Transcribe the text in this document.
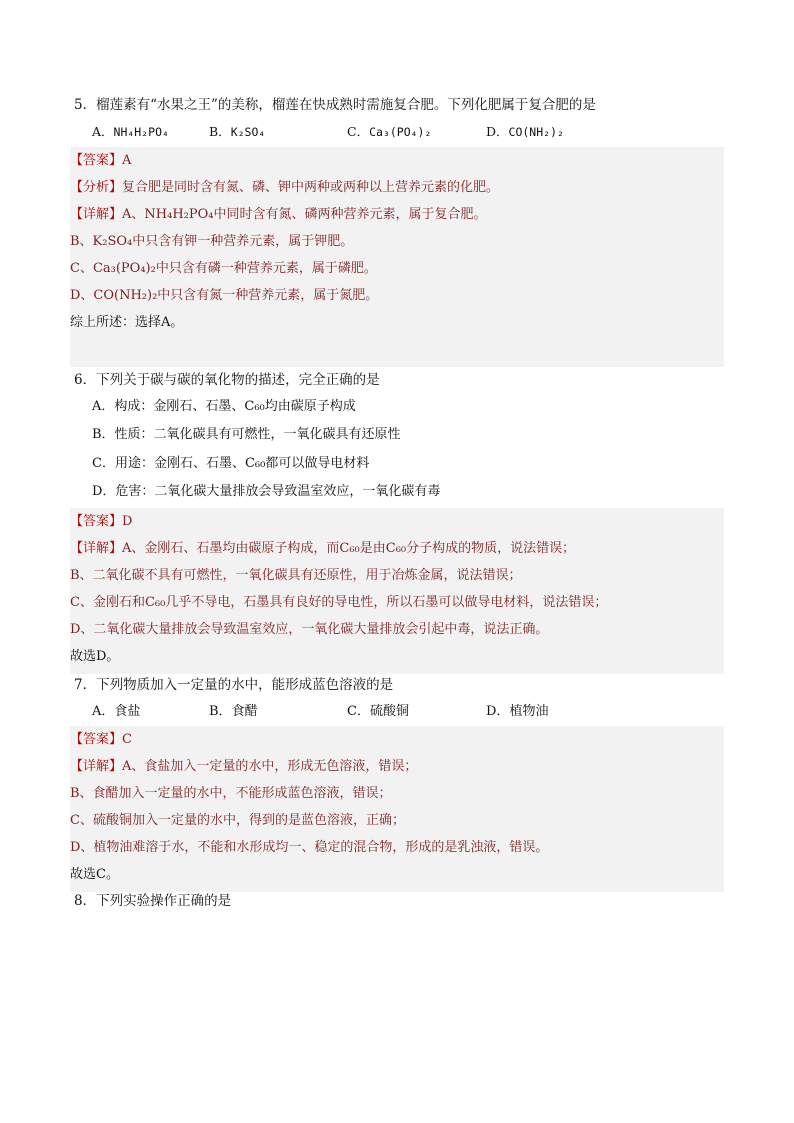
5．榴莲素有“水果之王”的美称，榴莲在快成熟时需施复合肥。下列化肥属于复合肥的是
A．NH₄H₂PO₄	B．K₂SO₄	C．Ca₃(PO₄)₂	D．CO(NH₂)₂
【答案】A
【分析】复合肥是同时含有氮、磷、钾中两种或两种以上营养元素的化肥。
【详解】A、NH₄H₂PO₄中同时含有氮、磷两种营养元素，属于复合肥。
B、K₂SO₄中只含有钾一种营养元素，属于钾肥。
C、Ca₃(PO₄)₂中只含有磷一种营养元素，属于磷肥。
D、CO(NH₂)₂中只含有氮一种营养元素，属于氮肥。
综上所述：选择A。
6．下列关于碳与碳的氧化物的描述，完全正确的是
A．构成：金刚石、石墨、C₆₀均由碳原子构成
B．性质：二氧化碳具有可燃性，一氧化碳具有还原性
C．用途：金刚石、石墨、C₆₀都可以做导电材料
D．危害：二氧化碳大量排放会导致温室效应，一氧化碳有毒
【答案】D
【详解】A、金刚石、石墨均由碳原子构成，而C₆₀是由C₆₀分子构成的物质，说法错误；
B、二氧化碳不具有可燃性，一氧化碳具有还原性，用于冶炼金属，说法错误；
C、金刚石和C₆₀几乎不导电，石墨具有良好的导电性，所以石墨可以做导电材料，说法错误；
D、二氧化碳大量排放会导致温室效应，一氧化碳大量排放会引起中毒，说法正确。
故选D。
7．下列物质加入一定量的水中，能形成蓝色溶液的是
A．食盐	B．食醋	C．硫酸铜	D．植物油
【答案】C
【详解】A、食盐加入一定量的水中，形成无色溶液，错误；
B、食醋加入一定量的水中，不能形成蓝色溶液，错误；
C、硫酸铜加入一定量的水中，得到的是蓝色溶液，正确；
D、植物油难溶于水，不能和水形成均一、稳定的混合物，形成的是乳浊液，错误。
故选C。
8．下列实验操作正确的是
